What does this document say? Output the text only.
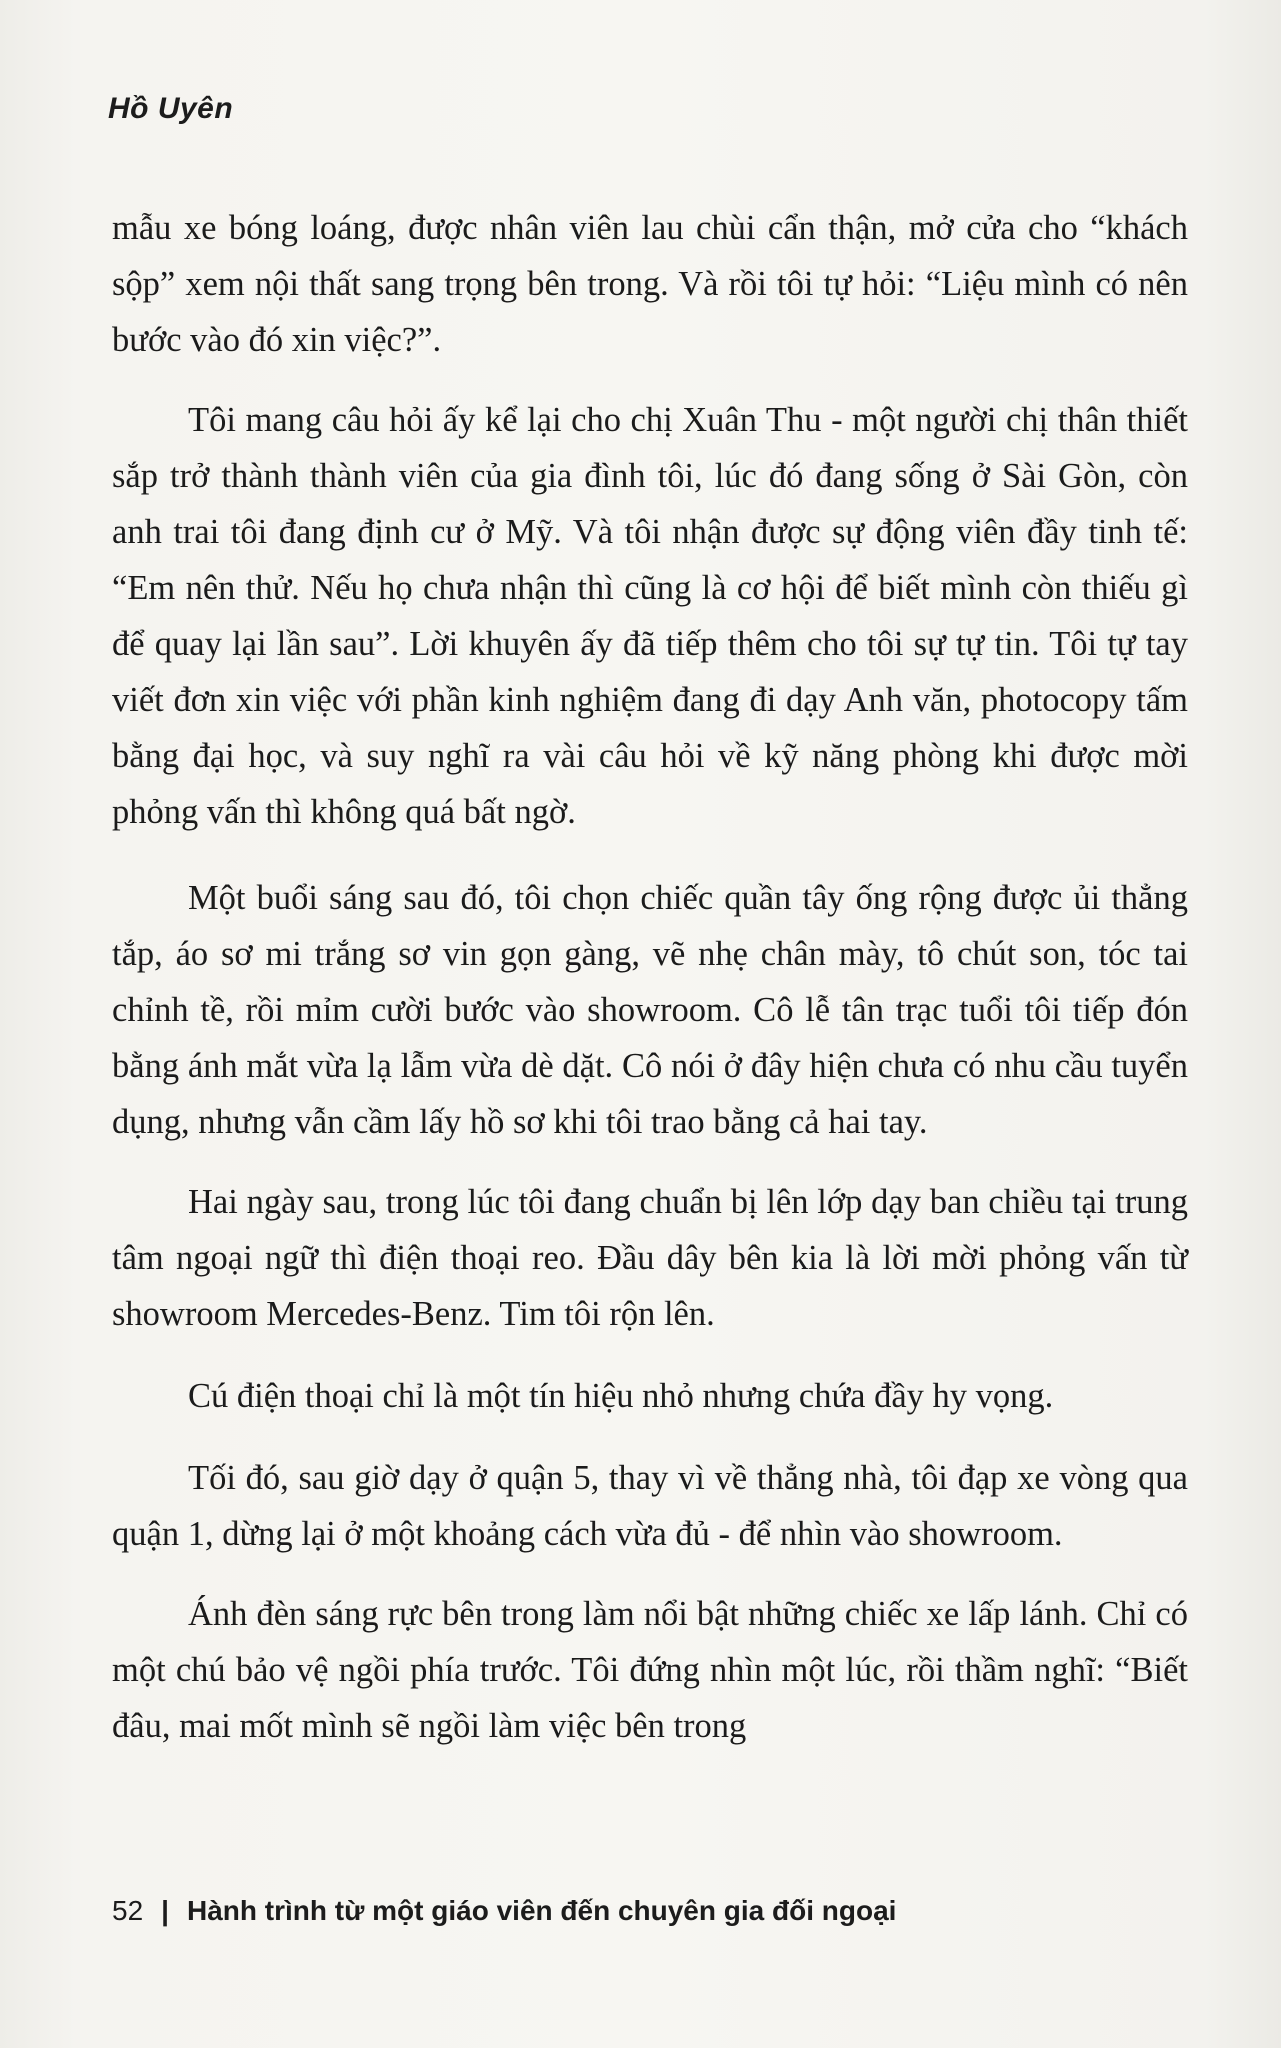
Hồ Uyên

mẫu xe bóng loáng, được nhân viên lau chùi cẩn thận, mở cửa cho “khách sộp” xem nội thất sang trọng bên trong. Và rồi tôi tự hỏi: “Liệu mình có nên bước vào đó xin việc?”.

Tôi mang câu hỏi ấy kể lại cho chị Xuân Thu - một người chị thân thiết sắp trở thành thành viên của gia đình tôi, lúc đó đang sống ở Sài Gòn, còn anh trai tôi đang định cư ở Mỹ. Và tôi nhận được sự động viên đầy tinh tế: “Em nên thử. Nếu họ chưa nhận thì cũng là cơ hội để biết mình còn thiếu gì để quay lại lần sau”. Lời khuyên ấy đã tiếp thêm cho tôi sự tự tin. Tôi tự tay viết đơn xin việc với phần kinh nghiệm đang đi dạy Anh văn, photocopy tấm bằng đại học, và suy nghĩ ra vài câu hỏi về kỹ năng phòng khi được mời phỏng vấn thì không quá bất ngờ.

Một buổi sáng sau đó, tôi chọn chiếc quần tây ống rộng được ủi thẳng tắp, áo sơ mi trắng sơ vin gọn gàng, vẽ nhẹ chân mày, tô chút son, tóc tai chỉnh tề, rồi mỉm cười bước vào showroom. Cô lễ tân trạc tuổi tôi tiếp đón bằng ánh mắt vừa lạ lẫm vừa dè dặt. Cô nói ở đây hiện chưa có nhu cầu tuyển dụng, nhưng vẫn cầm lấy hồ sơ khi tôi trao bằng cả hai tay.

Hai ngày sau, trong lúc tôi đang chuẩn bị lên lớp dạy ban chiều tại trung tâm ngoại ngữ thì điện thoại reo. Đầu dây bên kia là lời mời phỏng vấn từ showroom Mercedes-Benz. Tim tôi rộn lên.

Cú điện thoại chỉ là một tín hiệu nhỏ nhưng chứa đầy hy vọng.

Tối đó, sau giờ dạy ở quận 5, thay vì về thẳng nhà, tôi đạp xe vòng qua quận 1, dừng lại ở một khoảng cách vừa đủ - để nhìn vào showroom.

Ánh đèn sáng rực bên trong làm nổi bật những chiếc xe lấp lánh. Chỉ có một chú bảo vệ ngồi phía trước. Tôi đứng nhìn một lúc, rồi thầm nghĩ: “Biết đâu, mai mốt mình sẽ ngồi làm việc bên trong

52 | Hành trình từ một giáo viên đến chuyên gia đối ngoại
